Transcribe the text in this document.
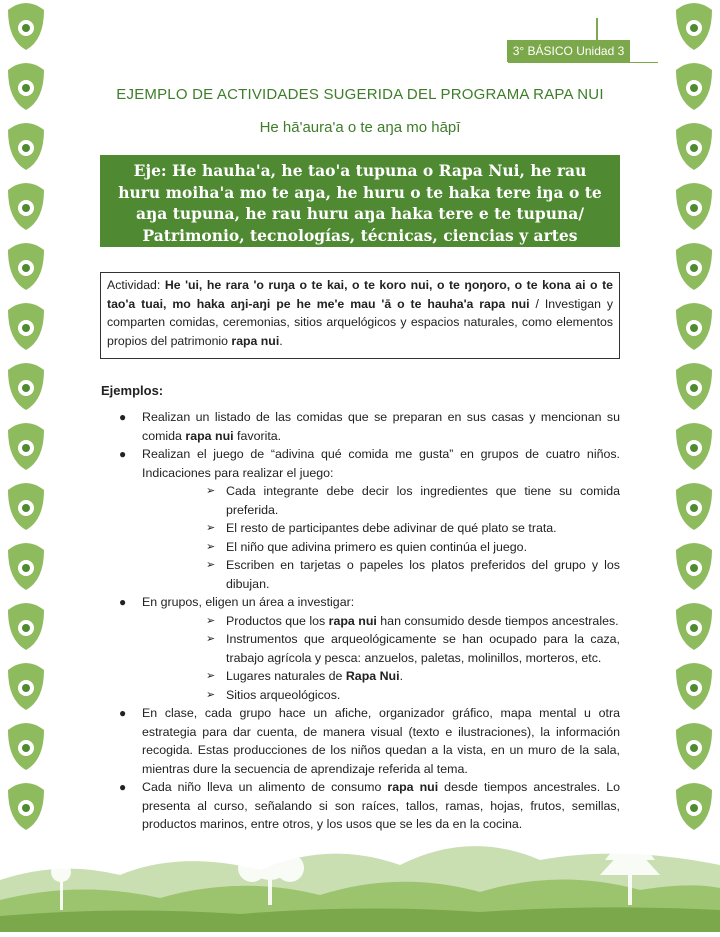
3° BÁSICO Unidad 3
EJEMPLO DE ACTIVIDADES SUGERIDA DEL PROGRAMA RAPA NUI
He hā'aura'a o te aŋa mo hāpī

Eje: He hauha'a, he tao'a tupuna o Rapa Nui, he rau huru moiha'a mo te aŋa, he huru o te haka tere iŋa o te aŋa tupuna, he rau huru aŋa haka tere e te tupuna/ Patrimonio, tecnologías, técnicas, ciencias y artes ancestrales.

Actividad: He 'ui, he rara 'o ruŋa o te kai, o te koro nui, o te ŋoŋoro, o te kona ai o te tao'a tuai, mo haka aŋi-aŋi pe he me'e mau 'ā o te hauha'a rapa nui / Investigan y comparten comidas, ceremonias, sitios arquelógicos y espacios naturales, como elementos propios del patrimonio rapa nui.

Ejemplos:
● Realizan un listado de las comidas que se preparan en sus casas y mencionan su comida rapa nui favorita.
● Realizan el juego de “adivina qué comida me gusta” en grupos de cuatro niños. Indicaciones para realizar el juego:
➢ Cada integrante debe decir los ingredientes que tiene su comida preferida.
➢ El resto de participantes debe adivinar de qué plato se trata.
➢ El niño que adivina primero es quien continúa el juego.
➢ Escriben en tarjetas o papeles los platos preferidos del grupo y los dibujan.
● En grupos, eligen un área a investigar:
➢ Productos que los rapa nui han consumido desde tiempos ancestrales.
➢ Instrumentos que arqueológicamente se han ocupado para la caza, trabajo agrícola y pesca: anzuelos, paletas, molinillos, morteros, etc.
➢ Lugares naturales de Rapa Nui.
➢ Sitios arqueológicos.
● En clase, cada grupo hace un afiche, organizador gráfico, mapa mental u otra estrategia para dar cuenta, de manera visual (texto e ilustraciones), la información recogida. Estas producciones de los niños quedan a la vista, en un muro de la sala, mientras dure la secuencia de aprendizaje referida al tema.
● Cada niño lleva un alimento de consumo rapa nui desde tiempos ancestrales. Lo presenta al curso, señalando si son raíces, tallos, ramas, hojas, frutos, semillas, productos marinos, entre otros, y los usos que se les da en la cocina.
